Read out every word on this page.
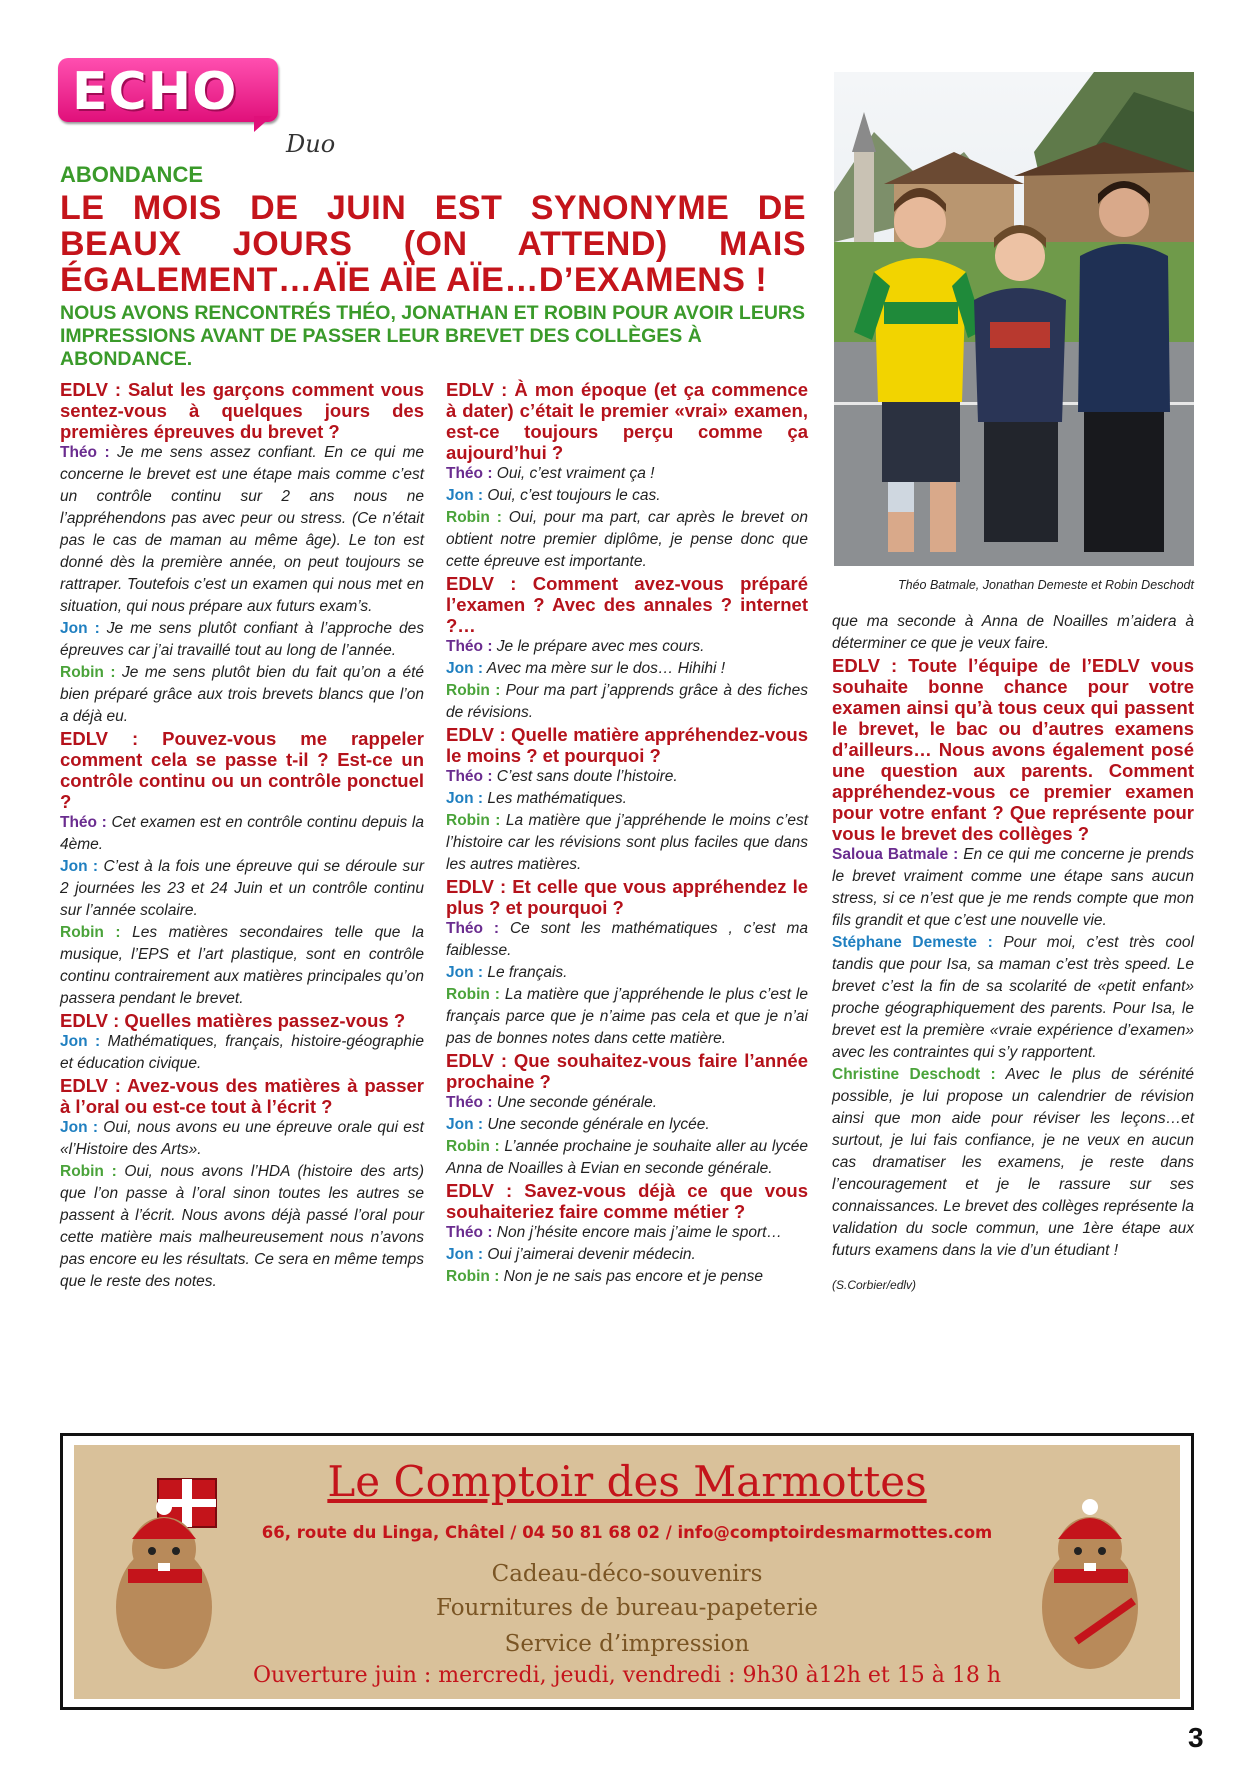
ECHO
Duo
ABONDANCE
LE MOIS DE JUIN EST SYNONYME DE BEAUX JOURS (ON ATTEND) MAIS ÉGALEMENT…AÏE AÏE AÏE…D’EXAMENS !
NOUS AVONS RENCONTRÉS THÉO, JONATHAN ET ROBIN POUR AVOIR LEURS IMPRESSIONS AVANT DE PASSER LEUR BREVET DES COLLÈGES À ABONDANCE.
Théo Batmale, Jonathan Demeste et Robin Deschodt

EDLV : Salut les garçons comment vous sentez-vous à quelques jours des premières épreuves du brevet ?

Théo : Je me sens assez confiant. En ce qui me concerne le brevet est une étape mais comme c’est un contrôle continu sur 2 ans nous ne l’appréhendons pas avec peur ou stress. (Ce n’était pas le cas de maman au même âge). Le ton est donné dès la première année, on peut toujours se rattraper. Toutefois c’est un examen qui nous met en situation, qui nous prépare aux futurs exam’s.

Jon : Je me sens plutôt confiant à l’approche des épreuves car j’ai travaillé tout au long de l’année.

Robin : Je me sens plutôt bien du fait qu’on a été bien préparé grâce aux trois brevets blancs que l’on a déjà eu.

EDLV : Pouvez-vous me rappeler comment cela se passe t-il ? Est-ce un contrôle continu ou un contrôle ponctuel ?

Théo : Cet examen est en contrôle continu depuis la 4ème.

Jon : C’est à la fois une épreuve qui se déroule sur 2 journées les 23 et 24 Juin et un contrôle continu sur l’année scolaire.

Robin : Les matières secondaires telle que la musique, l’EPS et l’art plastique, sont en contrôle continu contrairement aux matières principales qu’on passera pendant le brevet.

EDLV : Quelles matières passez-vous ?

Jon : Mathématiques, français, histoire-géographie et éducation civique.

EDLV : Avez-vous des matières à passer à l’oral ou est-ce tout à l’écrit ?

Jon : Oui, nous avons eu une épreuve orale qui est «l’Histoire des Arts».

Robin : Oui, nous avons l’HDA (histoire des arts) que l’on passe à l’oral sinon toutes les autres se passent à l’écrit. Nous avons déjà passé l’oral pour cette matière mais malheureusement nous n’avons pas encore eu les résultats. Ce sera en même temps que le reste des notes.

EDLV : À mon époque (et ça commence à dater) c’était le premier «vrai» examen, est-ce toujours perçu comme ça aujourd’hui ?

Théo : Oui, c’est vraiment ça !

Jon : Oui, c’est toujours le cas.

Robin : Oui, pour ma part, car après le brevet on obtient notre premier diplôme, je pense donc que cette épreuve est importante.

EDLV : Comment avez-vous préparé l’examen ? Avec des annales ? internet ?…

Théo : Je le prépare avec mes cours.

Jon : Avec ma mère sur le dos… Hihihi !

Robin : Pour ma part j’apprends grâce à des fiches de révisions.

EDLV : Quelle matière appréhendez-vous le moins ? et pourquoi ?

Théo : C’est sans doute l’histoire.

Jon : Les mathématiques.

Robin : La matière que j’appréhende le moins c’est l’histoire car les révisions sont plus faciles que dans les autres matières.

EDLV : Et celle que vous appréhendez le plus ? et pourquoi ?

Théo : Ce sont les mathématiques , c’est ma faiblesse.

Jon : Le français.

Robin : La matière que j’appréhende le plus c’est le français parce que je n’aime pas cela et que je n’ai pas de bonnes notes dans cette matière.

EDLV : Que souhaitez-vous faire l’année prochaine ?

Théo : Une seconde générale.

Jon : Une seconde générale en lycée.

Robin : L’année prochaine je souhaite aller au lycée Anna de Noailles à Evian en seconde générale.

EDLV : Savez-vous déjà ce que vous souhaiteriez faire comme métier ?

Théo : Non j’hésite encore mais j’aime le sport…

Jon : Oui j’aimerai devenir médecin.

Robin : Non je ne sais pas encore et je pense

que ma seconde à Anna de Noailles m’aidera à déterminer ce que je veux faire.

EDLV : Toute l’équipe de l’EDLV vous souhaite bonne chance pour votre examen ainsi qu’à tous ceux qui passent le brevet, le bac ou d’autres examens d’ailleurs… Nous avons également posé une question aux parents. Comment appréhendez-vous ce premier examen pour votre enfant ? Que représente pour vous le brevet des collèges ?

Saloua Batmale : En ce qui me concerne je prends le brevet vraiment comme une étape sans aucun stress, si ce n’est que je me rends compte que mon fils grandit et que c’est une nouvelle vie.

Stéphane Demeste : Pour moi, c’est très cool tandis que pour Isa, sa maman c’est très speed. Le brevet c’est la fin de sa scolarité de «petit enfant» proche géographiquement des parents. Pour Isa, le brevet est la première «vraie expérience d’examen» avec les contraintes qui s’y rapportent.

Christine Deschodt : Avec le plus de sérénité possible, je lui propose un calendrier de révision ainsi que mon aide pour réviser les leçons…et surtout, je lui fais confiance, je ne veux en aucun cas dramatiser les examens, je reste dans l’encouragement et je le rassure sur ses connaissances. Le brevet des collèges représente la validation du socle commun, une 1ère étape aux futurs examens dans la vie d’un étudiant !

(S.Corbier/edlv)

Le Comptoir des Marmottes
66, route du Linga, Châtel / 04 50 81 68 02 / info@comptoirdesmarmottes.com
Cadeau-déco-souvenirs
Fournitures de bureau-papeterie
Service d’impression
Ouverture juin : mercredi, jeudi, vendredi : 9h30 à12h et 15 à 18 h
3
